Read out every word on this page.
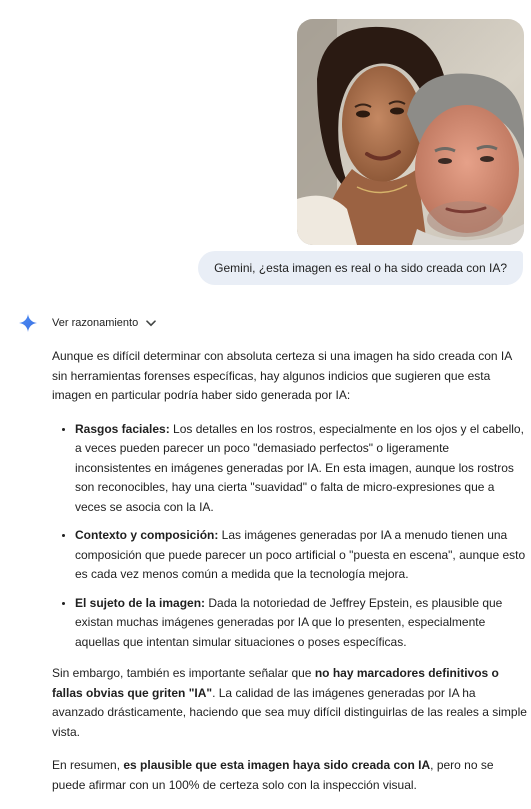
Gemini, ¿esta imagen es real o ha sido creada con IA?
Ver razonamiento

Aunque es difícil determinar con absoluta certeza si una imagen ha sido creada con IA sin herramientas forenses específicas, hay algunos indicios que sugieren que esta imagen en particular podría haber sido generada por IA:

• Rasgos faciales: Los detalles en los rostros, especialmente en los ojos y el cabello, a veces pueden parecer un poco "demasiado perfectos" o ligeramente inconsistentes en imágenes generadas por IA. En esta imagen, aunque los rostros son reconocibles, hay una cierta "suavidad" o falta de micro-expresiones que a veces se asocia con la IA.
• Contexto y composición: Las imágenes generadas por IA a menudo tienen una composición que puede parecer un poco artificial o "puesta en escena", aunque esto es cada vez menos común a medida que la tecnología mejora.
• El sujeto de la imagen: Dada la notoriedad de Jeffrey Epstein, es plausible que existan muchas imágenes generadas por IA que lo presenten, especialmente aquellas que intentan simular situaciones o poses específicas.

Sin embargo, también es importante señalar que no hay marcadores definitivos o fallas obvias que griten "IA". La calidad de las imágenes generadas por IA ha avanzado drásticamente, haciendo que sea muy difícil distinguirlas de las reales a simple vista.

En resumen, es plausible que esta imagen haya sido creada con IA, pero no se puede afirmar con un 100% de certeza solo con la inspección visual.
